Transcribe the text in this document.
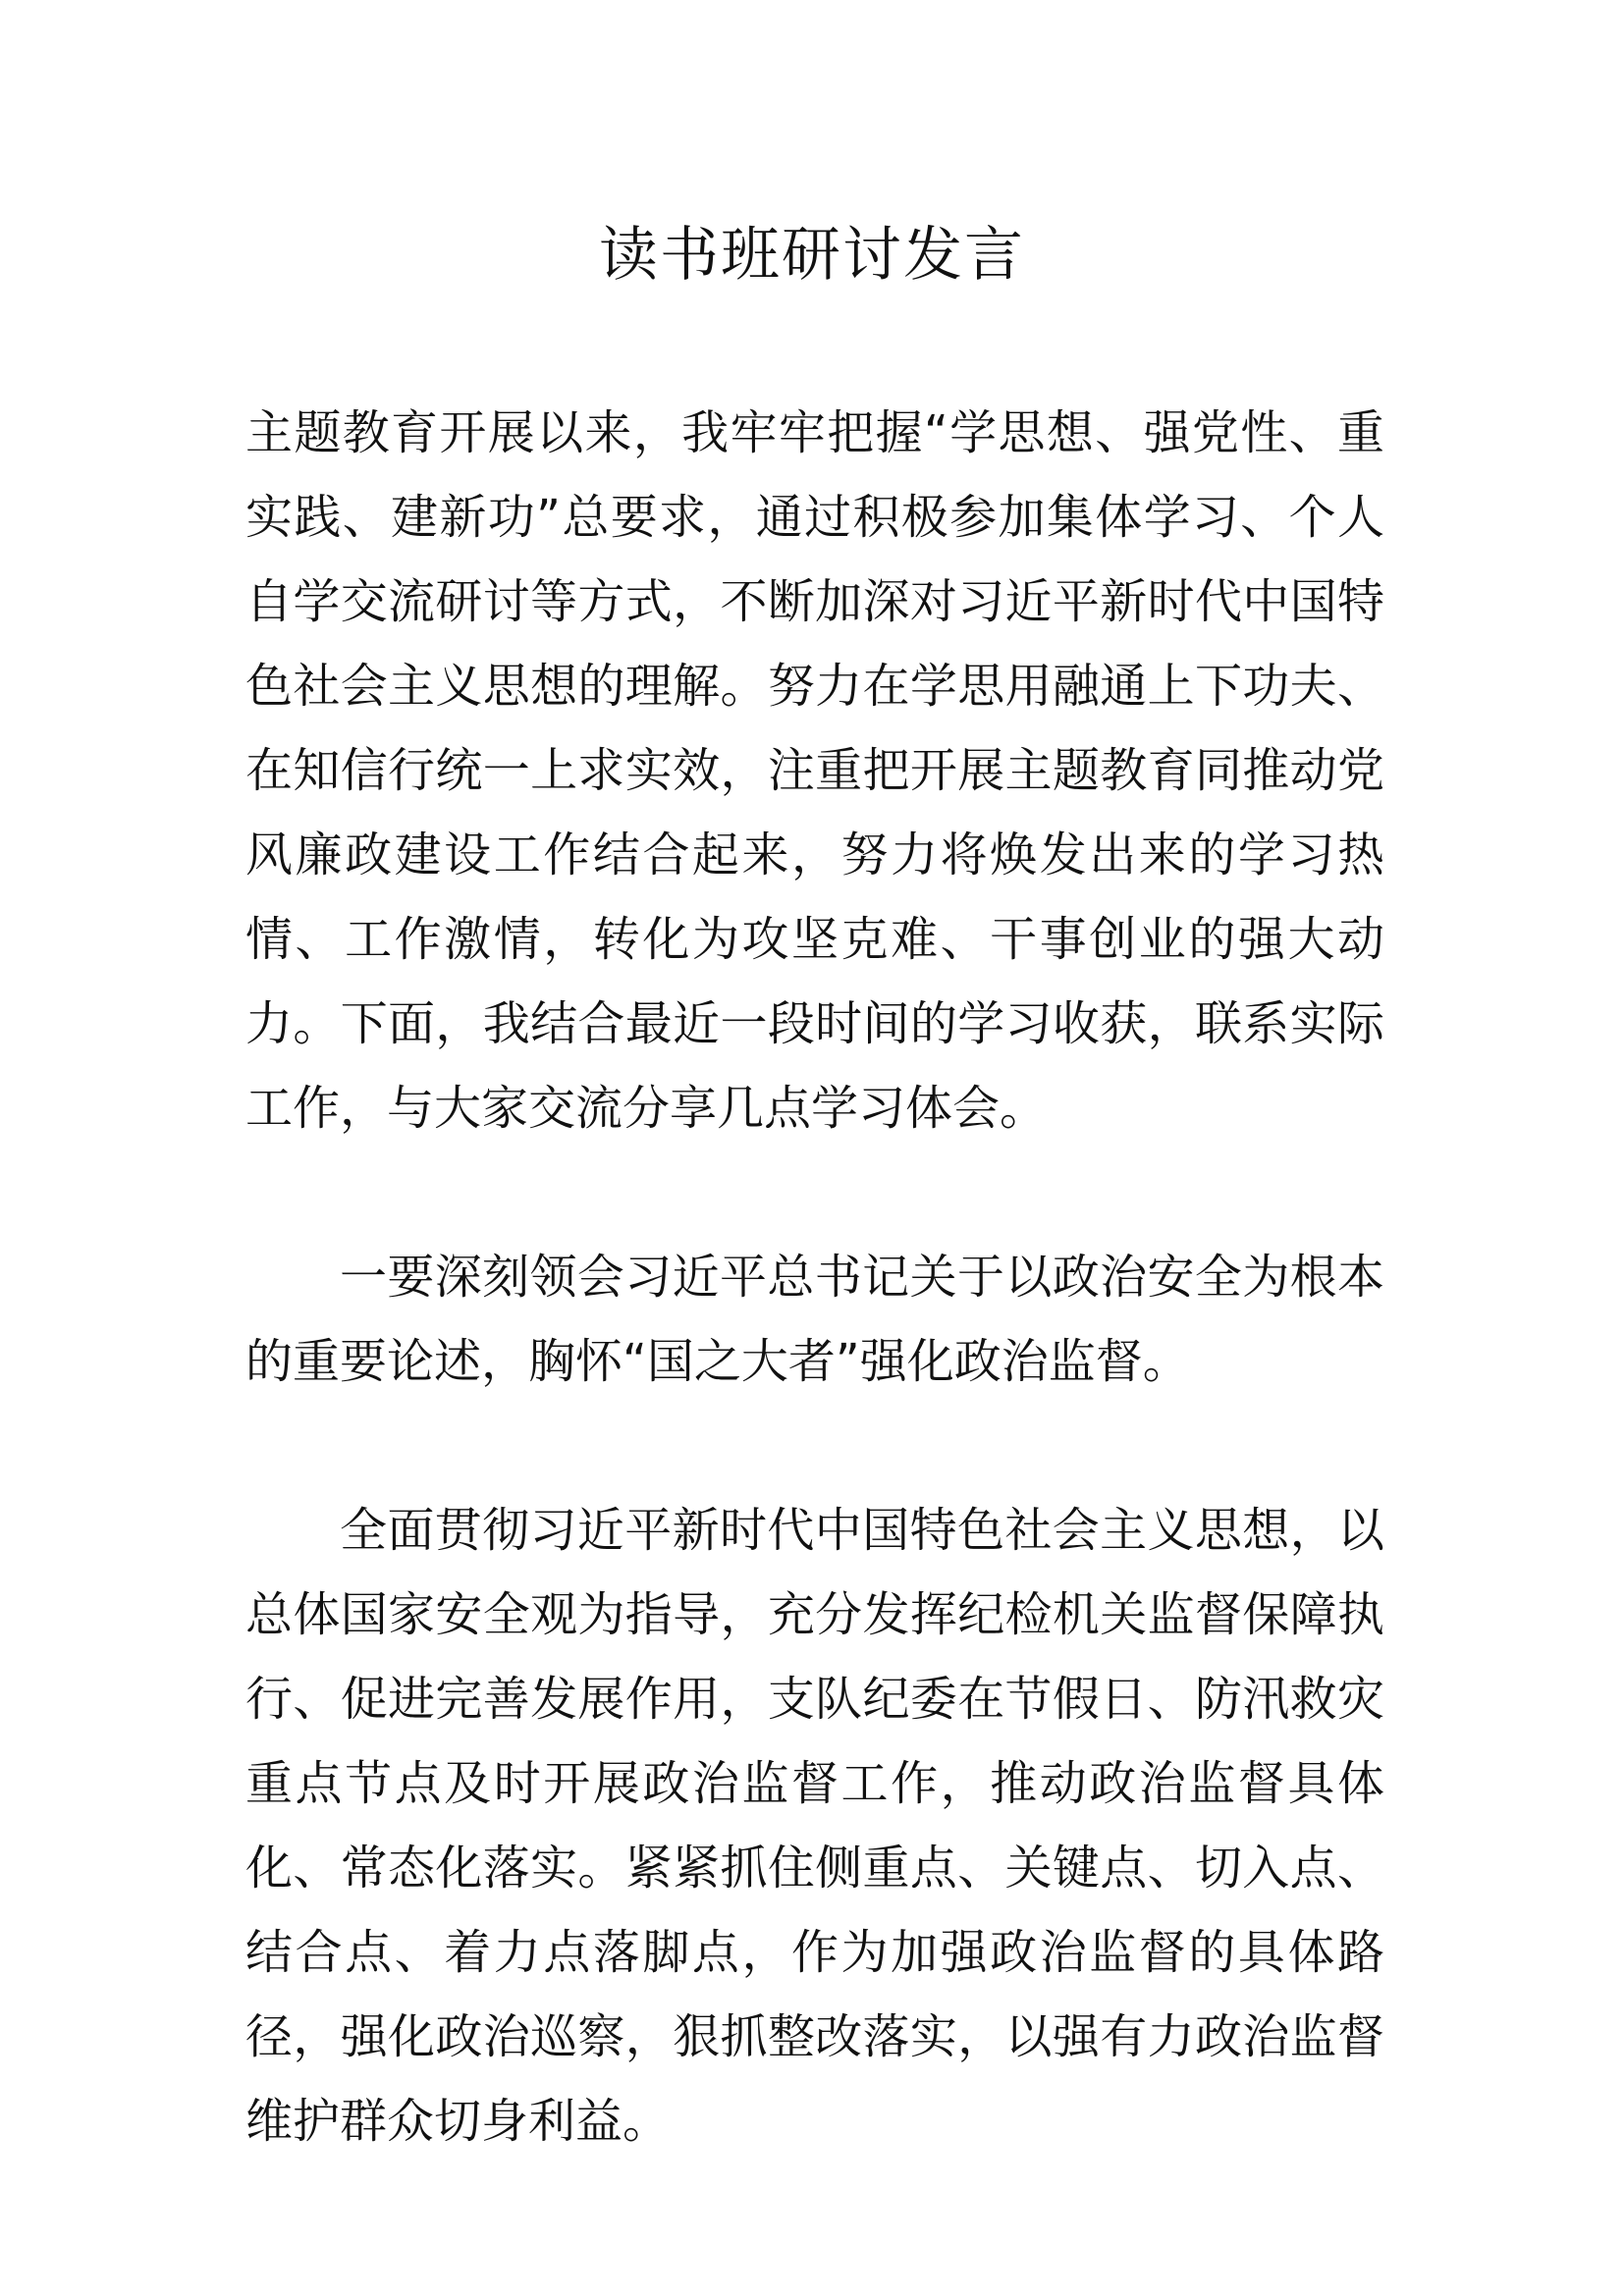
读书班研讨发言

主题教育开展以来，我牢牢把握“学思想、强党性、重实践、建新功”总要求，通过积极参加集体学习、个人自学交流研讨等方式，不断加深对习近平新时代中国特色社会主义思想的理解。努力在学思用融通上下功夫、在知信行统一上求实效，注重把开展主题教育同推动党风廉政建设工作结合起来，努力将焕发出来的学习热情、工作激情，转化为攻坚克难、干事创业的强大动力。下面，我结合最近一段时间的学习收获，联系实际工作，与大家交流分享几点学习体会。

一要深刻领会习近平总书记关于以政治安全为根本的重要论述，胸怀“国之大者”强化政治监督。

全面贯彻习近平新时代中国特色社会主义思想，以总体国家安全观为指导，充分发挥纪检机关监督保障执行、促进完善发展作用，支队纪委在节假日、防汛救灾重点节点及时开展政治监督工作，推动政治监督具体化、常态化落实。紧紧抓住侧重点、关键点、切入点、结合点、着力点落脚点，作为加强政治监督的具体路径，强化政治巡察，狠抓整改落实，以强有力政治监督维护群众切身利益。
